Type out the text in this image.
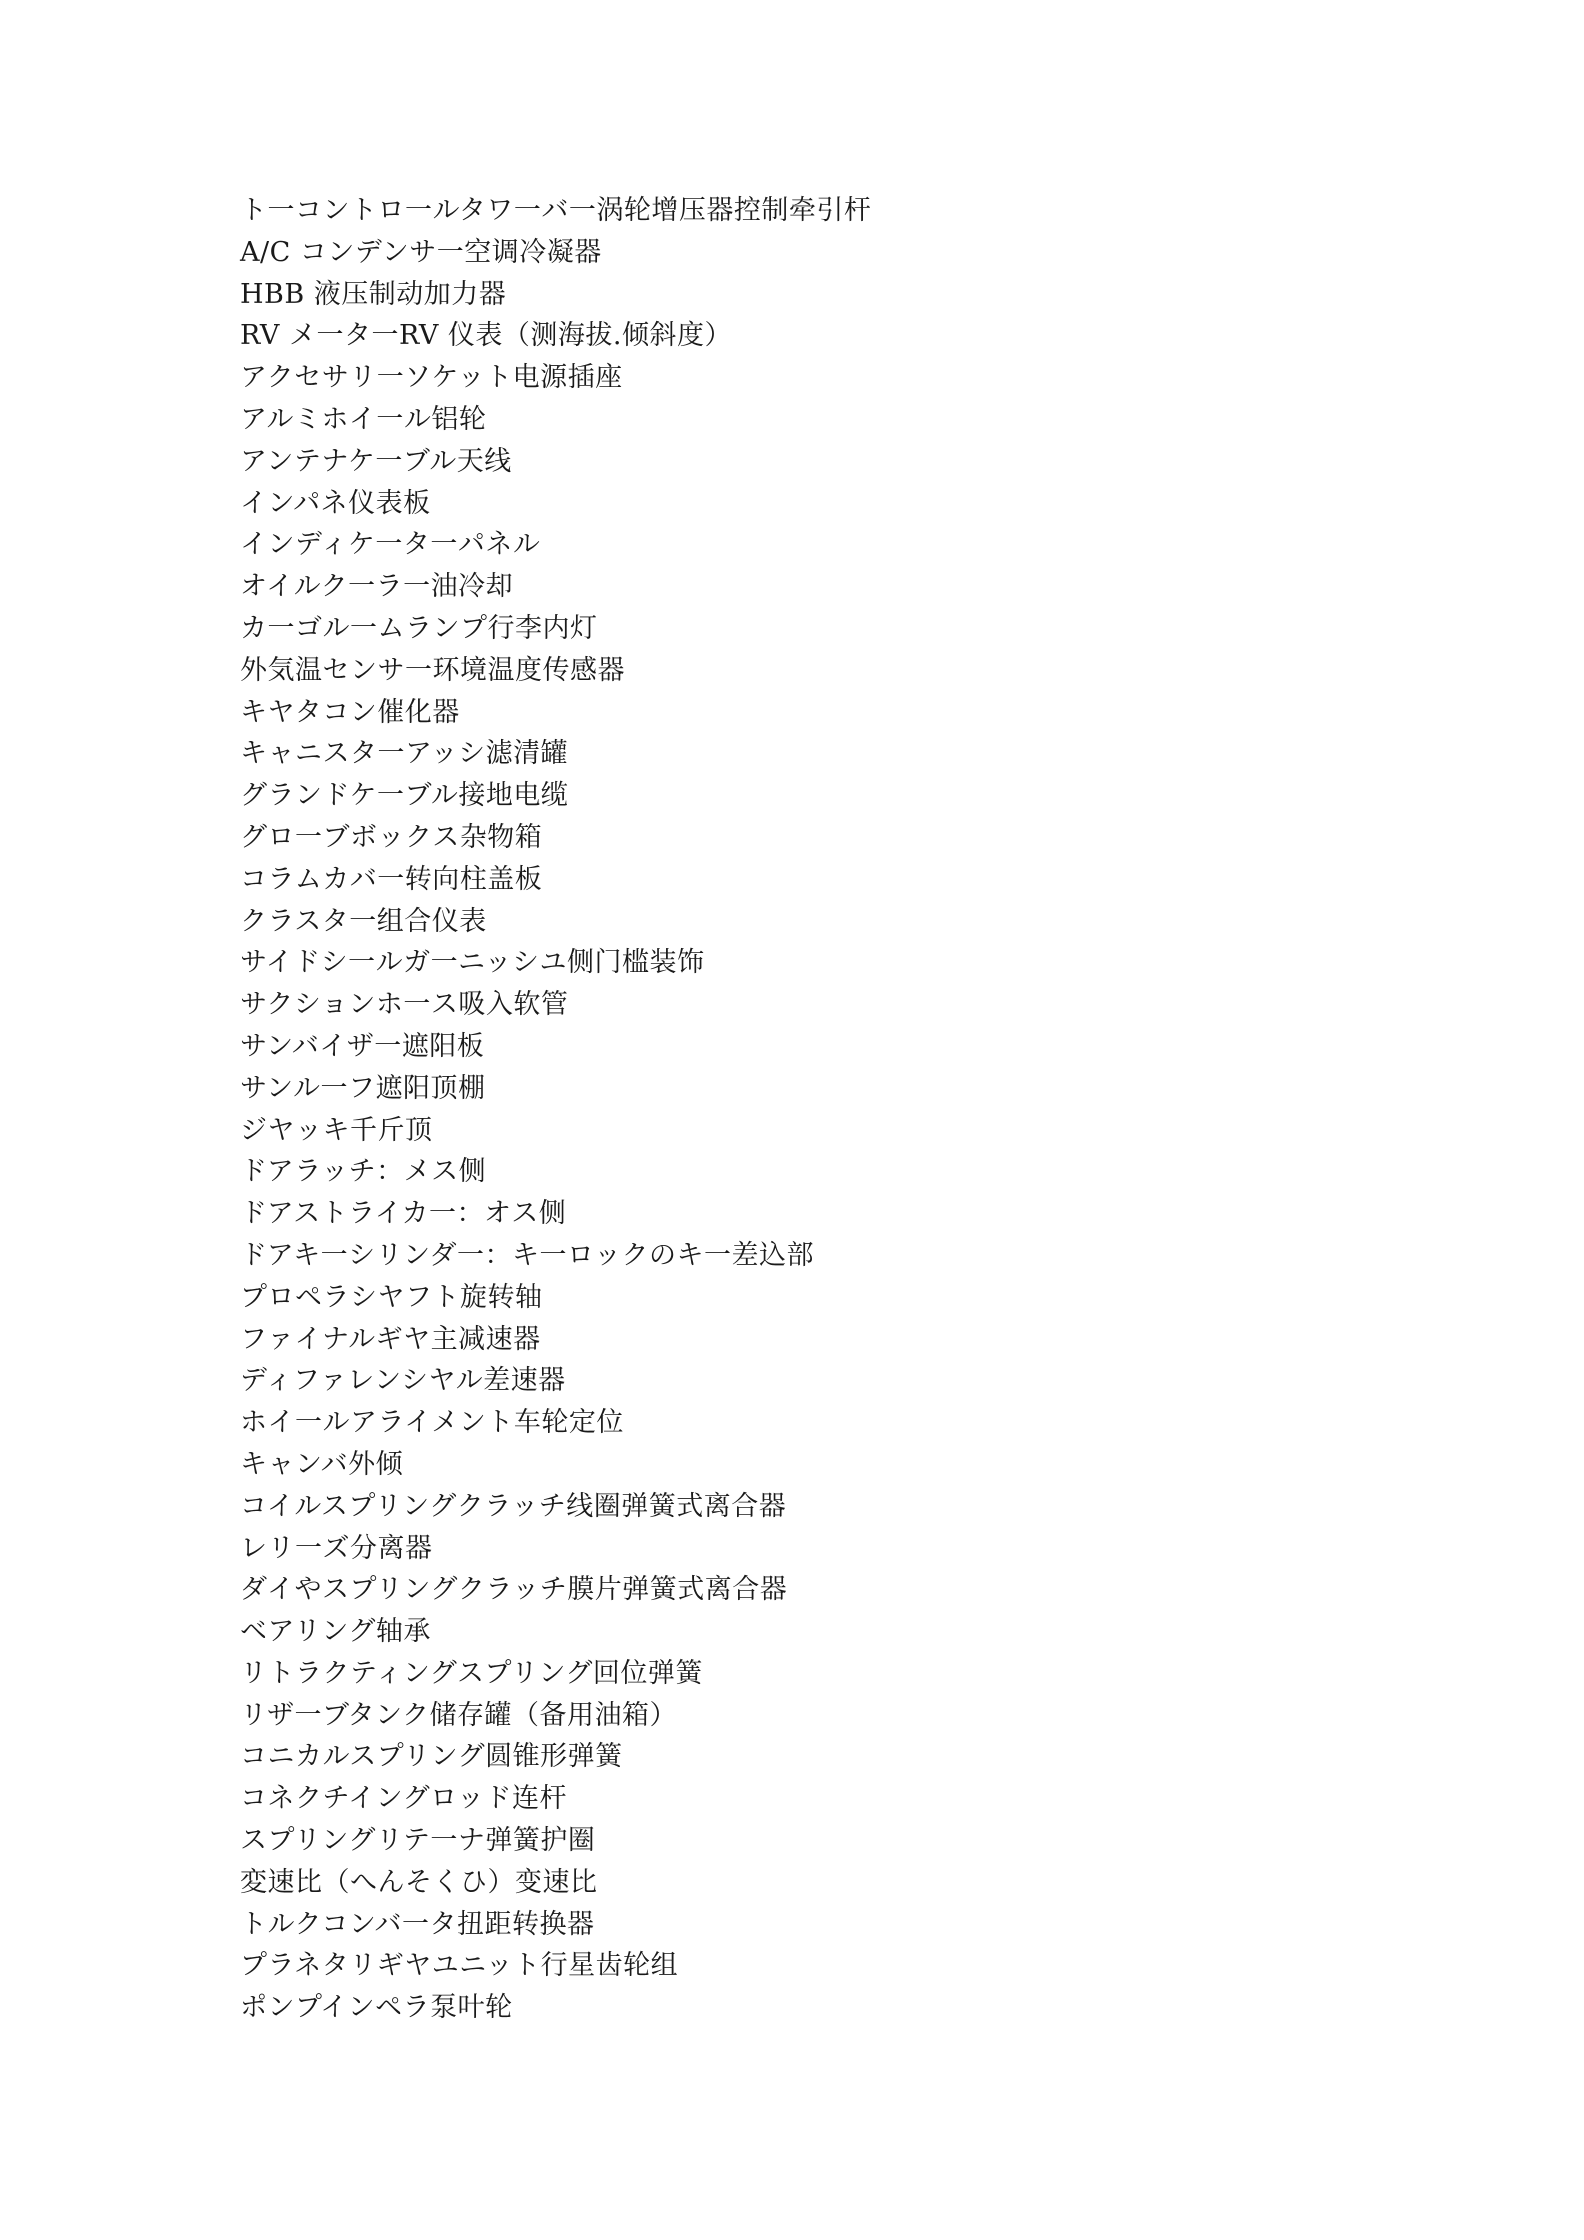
ト一コントロ一ルタワ一バ一涡轮增压器控制牵引杆
A/C コンデンサ一空调冷凝器
HBB 液压制动加力器
RV メ一タ一RV 仪表（测海拔.倾斜度）
アクセサリ一ソケット电源插座
アルミホイ一ル铝轮
アンテナケ一ブル天线
インパネ仪表板
インディケ一タ一パネル
オイルク一ラ一油冷却
カ一ゴル一ムランプ行李内灯
外気温センサ一环境温度传感器
キヤタコン催化器
キャニスタ一アッシ滤清罐
グランドケ一ブル接地电缆
グロ一ブボックス杂物箱
コラムカバ一转向柱盖板
クラスタ一组合仪表
サイドシ一ルガ一ニッシユ侧门槛装饰
サクションホ一ス吸入软管
サンバイザ一遮阳板
サンル一フ遮阳顶棚
ジヤッキ千斤顶
ドアラッチ：メス侧
ドアストライカ一：オス侧
ドアキ一シリンダ一：キ一ロックのキ一差込部
プロペラシヤフト旋转轴
ファイナルギヤ主减速器
ディファレンシヤル差速器
ホイ一ルアライメント车轮定位
キャンバ外倾
コイルスプリングクラッチ线圈弹簧式离合器
レリ一ズ分离器
ダイやスプリングクラッチ膜片弹簧式离合器
ベアリング轴承
リトラクティングスプリング回位弹簧
リザ一ブタンク储存罐（备用油箱）
コニカルスプリング圆锥形弹簧
コネクチイングロッド连杆
スプリングリテ一ナ弹簧护圈
変速比（へんそくひ）变速比
トルクコンバ一タ扭距转换器
プラネタリギヤユニット行星齿轮组
ポンプインペラ泵叶轮
